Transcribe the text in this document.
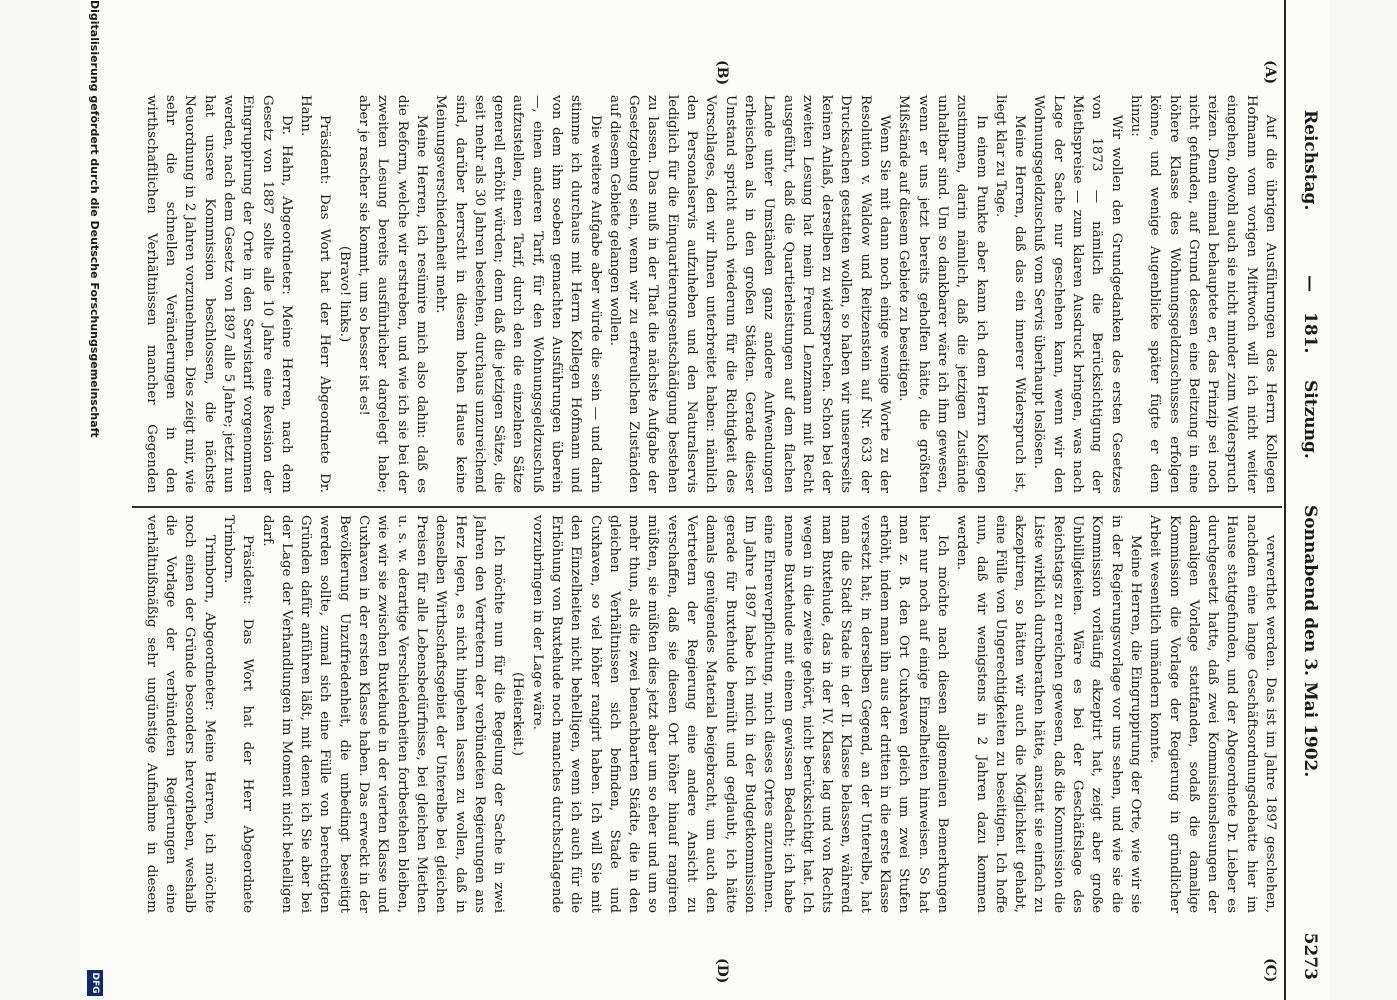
Reichstag.
—
181.
Sitzung.
Sonnabend den 3. Mai 1902.
5273
(A)
(B)
(C)
(D)

Auf die übrigen Ausführungen des Herrn Kollegen Hofmann vom vorigen Mittwoch will ich nicht weiter eingehen, obwohl auch sie nicht minder zum Widerspruch reizen. Denn einmal behauptete er, das Prinzip sei noch nicht gefunden, auf Grund dessen eine Beitzung in eine höhere Klasse des Wohnungsgeldzuschusses erfolgen könne, und wenige Augenblicke später fügte er dem hinzu:

Wir wollen den Grundgedanken des ersten Gesetzes von 1873 — nämlich die Berücksichtigung der Miethspreise — zum klaren Ausdruck bringen, was nach Lage der Sache nur geschehen kann, wenn wir den Wohnungsgeldzuschuß vom Servis überhaupt loslösen.

Meine Herren, daß das ein innerer Widerspruch ist, liegt klar zu Tage.

In einem Punkte aber kann ich dem Herrn Kollegen zustimmen, darin nämlich, daß die jetzigen Zustände unhaltbar sind. Um so dankbarer wäre ich ihm gewesen, wenn er uns jetzt bereits geholfen hätte, die größten Mißstände auf diesem Gebiete zu beseitigen.

Wenn Sie mit dann noch einige wenige Worte zu der Resolution v. Waldow und Reitzenstein auf Nr. 633 der Drucksachen gestatten wollen, so haben wir unsererseits keinen Anlaß, derselben zu widersprechen. Schon bei der zweiten Lesung hat mein Freund Lenzmann mit Recht ausgeführt, daß die Quartierleistungen auf dem flachen Lande unter Umständen ganz andere Aufwendungen erheischen als in den großen Städten. Gerade dieser Umstand spricht auch wiederum für die Richtigkeit des Vorschlages, den wir Ihnen unterbreitet haben: nämlich den Personalservis aufzuheben und den Naturalservis lediglich für die Einquartierungsentschädigung bestehen zu lassen. Das muß in der That die nächste Aufgabe der Gesetzgebung sein, wenn wir zu erfreulichen Zuständen auf diesem Gebiete gelangen wollen.

Die weitere Aufgabe aber würde die sein — und darin stimme ich durchaus mit Herrn Kollegen Hofmann und von dem ihm soeben gemachten Ausführungen überein —, einen anderen Tarif, für den Wohnungsgeldzuschuß aufzustellen, einen Tarif, durch den die einzelnen Sätze generell erhöht würden; denn daß die jetzigen Sätze, die seit mehr als 30 Jahren bestehen, durchaus unzureichend sind, darüber herrscht in diesem hohen Hause keine Meinungsverschiedenheit mehr.

Meine Herren, ich resümire mich also dahin: daß es die Reform, welche wir erstreben, und wie ich sie bei der zweiten Lesung bereits ausführlicher dargelegt habe; aber je rascher sie kommt, um so besser ist es!

(Bravo! links.)

Präsident: Das Wort hat der Herr Abgeordnete Dr. Hahn.

Dr. Hahn, Abgeordneter: Meine Herren, nach dem Gesetz von 1887 sollte alle 10 Jahre eine Revision der Eingruppirung der Orte in den Servistarif vorgenommen werden, nach dem Gesetz von 1897 alle 5 Jahre; jetzt nun hat unsere Kommission beschlossen, die nächste Neuordnung in 2 Jahren vorzunehmen. Dies zeigt mir, wie sehr die schnellen Veränderungen in den wirthschaftlichen Verhältnissen mancher Gegenden

verwerthet werden. Das ist im Jahre 1897 geschehen, nachdem eine lange Geschäftsordnungsdebatte hier im Hause stattgefunden, und der Abgeordnete Dr. Lieber es durchgesetzt hatte, daß zwei Kommissionslesungen der damaligen Vorlage stattfanden, sodaß die damalige Kommission die Vorlage der Regierung in gründlicher Arbeit wesentlich umändern konnte.

Meine Herren, die Eingruppirung der Orte, wie wir sie in der Regierungsvorlage vor uns sehen, und wie sie die Kommission vorläufig akzeptirt hat, zeigt aber große Unbilligkeiten. Wäre es bei der Geschäftslage des Reichstags zu erreichen gewesen, daß die Kommission die Liste wirklich durchberathen hätte, anstatt sie einfach zu akzeptiren, so hätten wir auch die Möglichkeit gehabt, eine Fülle von Ungerechtigkeiten zu beseitigen. Ich hoffe nun, daß wir wenigstens in 2 Jahren dazu kommen werden.

Ich möchte nach diesen allgemeinen Bemerkungen hier nur noch auf einige Einzelheiten hinweisen. So hat man z. B. den Ort Cuxhaven gleich um zwei Stufen erhöht, indem man ihn aus der dritten in die erste Klasse versetzt hat; in derselben Gegend, an der Unterelbe, hat man die Stadt Stade in der II. Klasse belassen, während man Buxtehude, das in der IV. Klasse lag und von Rechts wegen in die zweite gehört, nicht berücksichtigt hat. Ich nenne Buxtehude mit einem gewissen Bedacht; ich habe eine Ehrenverpflichtung, mich dieses Ortes anzunehmen. Im Jahre 1897 habe ich mich in der Budgetkommission gerade für Buxtehude bemüht und geglaubt, ich hätte damals genügendes Material beigebracht, um auch den Vertretern der Regierung eine andere Ansicht zu verschaffen, daß sie diesen Ort höher hinauf rangiren müßten, sie müßten dies jetzt aber um so eher und um so mehr thun, als die zwei benachbarten Städte, die in den gleichen Verhältnissen sich befinden, Stade und Cuxhaven, so viel höher rangirt haben. Ich will Sie mit den Einzelheiten nicht behelligen, wenn ich auch für die Erhöhung von Buxtehude noch manches durchschlagende vorzubringen in der Lage wäre.

(Heiterkeit.)

Ich möchte nun für die Regelung der Sache in zwei Jahren den Vertretern der verbündeten Regierungen ans Herz legen, es nicht hingehen lassen zu wollen, daß in denselben Wirthschaftsgebiet der Unterelbe bei gleichen Preisen für alle Lebensbedürfnisse, bei gleichen Miethen u. s. w. derartige Verschiedenheiten fortbestehen bleiben, wie wir sie zwischen Buxtehude in der vierten Klasse und Cuxhaven in der ersten Klasse haben. Das erweckt in der Bevölkerung Unzufriedenheit, die unbedingt beseitigt werden sollte, zumal sich eine Fülle von berechtigten Gründen dafür anführen läßt, mit denen ich Sie aber bei der Lage der Verhandlungen im Moment nicht behelligen darf.

Präsident: Das Wort hat der Herr Abgeordnete Trimborn.

Trimborn, Abgeordneter: Meine Herren, ich möchte noch einen der Gründe besonders hervorheben, weshalb die Vorlage der verbündeten Regierungen eine verhältnißmäßig sehr ungünstige Aufnahme in diesem

Digitalisierung gefördert durch die Deutsche Forschungsgemeinschaft
DFG
